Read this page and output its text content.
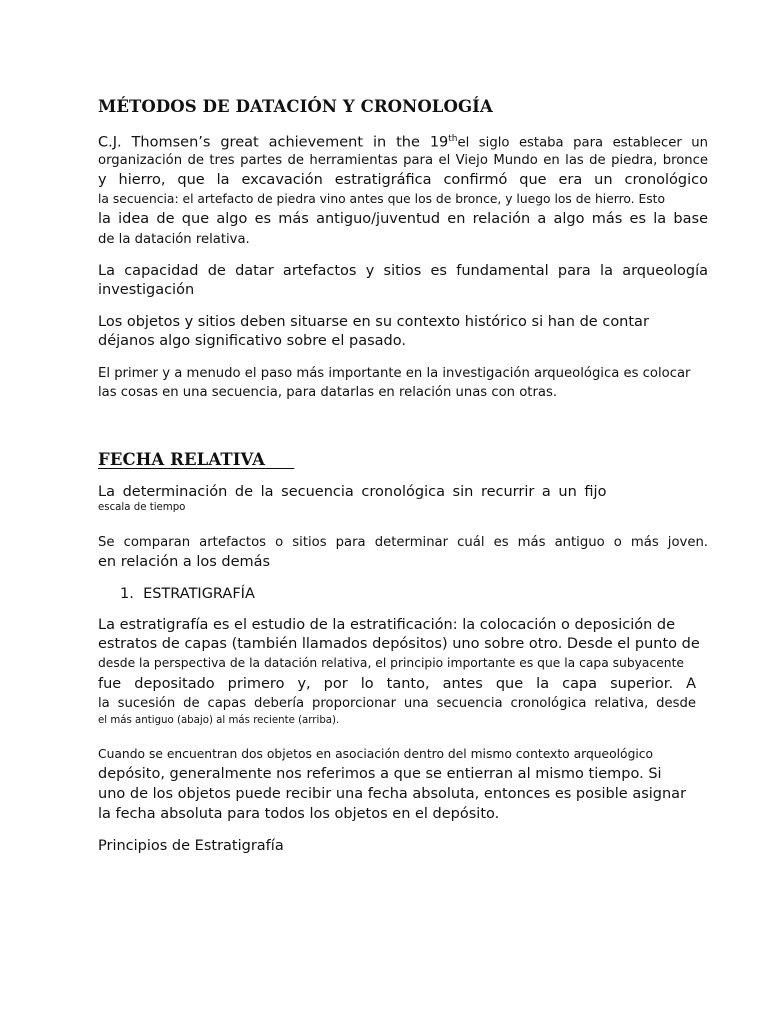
MÉTODOS DE DATACIÓN Y CRONOLOGÍA
C.J. Thomsen’s great achievement in the 19thel siglo estaba para establecer un
organización de tres partes de herramientas para el Viejo Mundo en las de piedra, bronce
y hierro, que la excavación estratigráfica confirmó que era un cronológico
la secuencia: el artefacto de piedra vino antes que los de bronce, y luego los de hierro. Esto
la idea de que algo es más antiguo/juventud en relación a algo más es la base
de la datación relativa.
La capacidad de datar artefactos y sitios es fundamental para la arqueología
investigación
Los objetos y sitios deben situarse en su contexto histórico si han de contar
déjanos algo significativo sobre el pasado.
El primer y a menudo el paso más importante en la investigación arqueológica es colocar
las cosas en una secuencia, para datarlas en relación unas con otras.
FECHA RELATIVA
La determinación de la secuencia cronológica sin recurrir a un fijo
escala de tiempo
Se comparan artefactos o sitios para determinar cuál es más antiguo o más joven.
en relación a los demás
1. ESTRATIGRAFÍA
La estratigrafía es el estudio de la estratificación: la colocación o deposición de
estratos de capas (también llamados depósitos) uno sobre otro. Desde el punto de
desde la perspectiva de la datación relativa, el principio importante es que la capa subyacente
fue depositado primero y, por lo tanto, antes que la capa superior. A
la sucesión de capas debería proporcionar una secuencia cronológica relativa, desde
el más antiguo (abajo) al más reciente (arriba).
Cuando se encuentran dos objetos en asociación dentro del mismo contexto arqueológico
depósito, generalmente nos referimos a que se entierran al mismo tiempo. Si
uno de los objetos puede recibir una fecha absoluta, entonces es posible asignar
la fecha absoluta para todos los objetos en el depósito.
Principios de Estratigrafía
